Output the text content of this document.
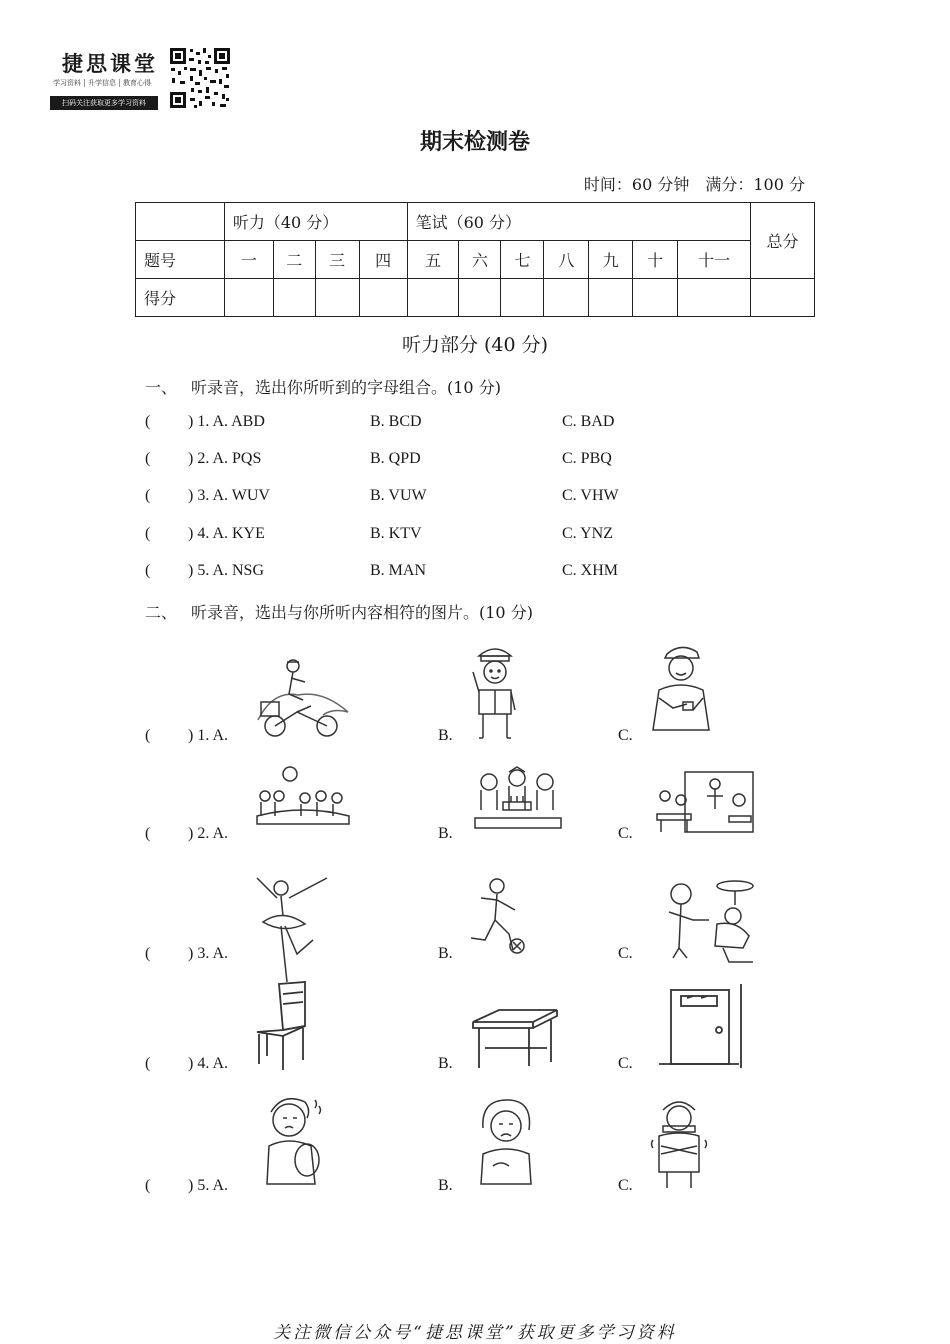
捷思课堂
学习资料 升学信息 教育心得
扫码关注获取更多学习资料
期末检测卷
时间：60 分钟 满分：100 分
	听力（40 分）				笔试（60 分）							总分
题号	一	二	三	四	五	六	七	八	九	十	十一	
得分												
听力部分 (40 分)
一、 听录音，选出你所听到的字母组合。(10 分)
( ) 1. A. ABD	B. BCD	C. BAD
( ) 2. A. PQS	B. QPD	C. PBQ
( ) 3. A. WUV	B. VUW	C. VHW
( ) 4. A. KYE	B. KTV	C. YNZ
( ) 5. A. NSG	B. MAN	C. XHM
二、 听录音，选出与你所听内容相符的图片。(10 分)
( ) 1. A.	B.	C.
( ) 2. A.	B.	C.
( ) 3. A.	B.	C.
( ) 4. A.	B.	C.
( ) 5. A.	B.	C.
关注微信公众号“捷思课堂”获取更多学习资料
